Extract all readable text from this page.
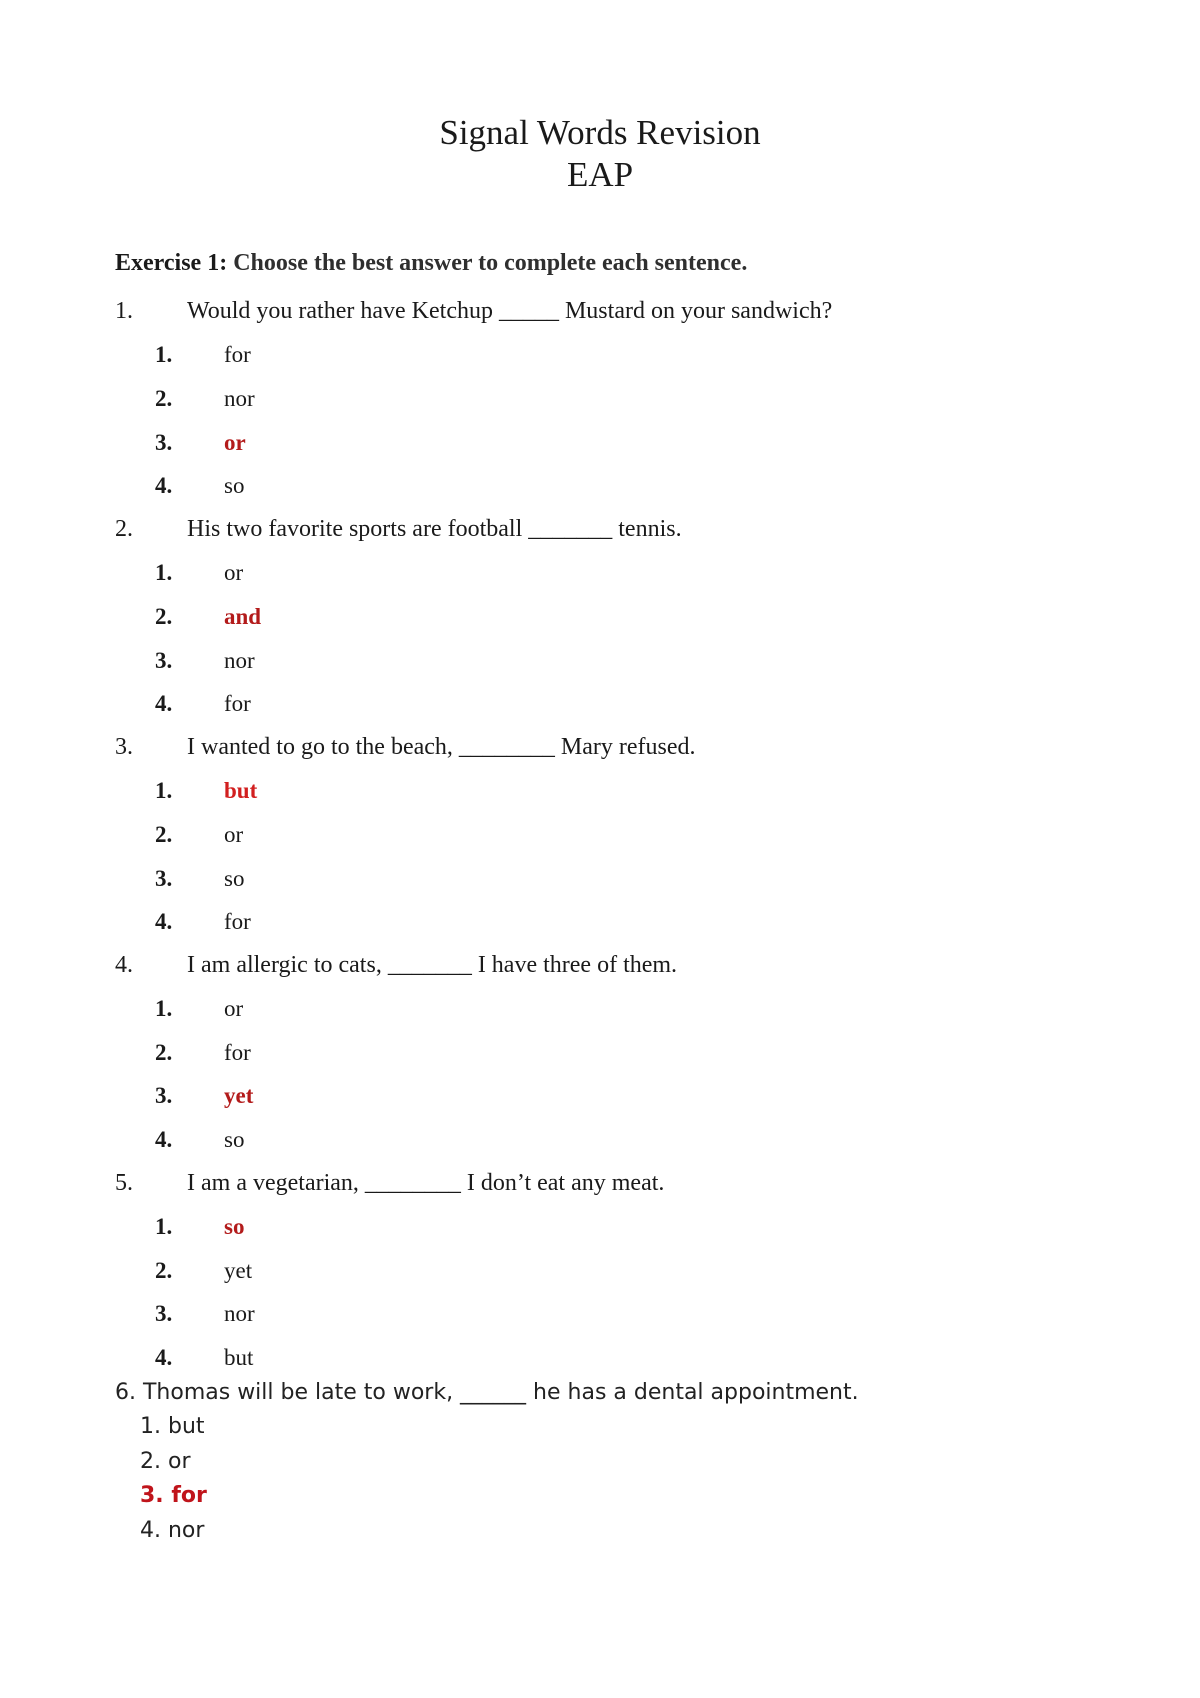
Signal Words Revision
EAP
Exercise 1: Choose the best answer to complete each sentence.
1.	Would you rather have Ketchup _____ Mustard on your sandwich?
1.	for
2.	nor
3.	or
4.	so
2.	His two favorite sports are football _______ tennis.
1.	or
2.	and
3.	nor
4.	for
3.	I wanted to go to the beach, ________ Mary refused.
1.	but
2.	or
3.	so
4.	for
4.	I am allergic to cats, _______ I have three of them.
1.	or
2.	for
3.	yet
4.	so
5.	I am a vegetarian, ________ I don’t eat any meat.
1.	so
2.	yet
3.	nor
4.	but
6. Thomas will be late to work, ______ he has a dental appointment.
1. but
2. or
3. for
4. nor
